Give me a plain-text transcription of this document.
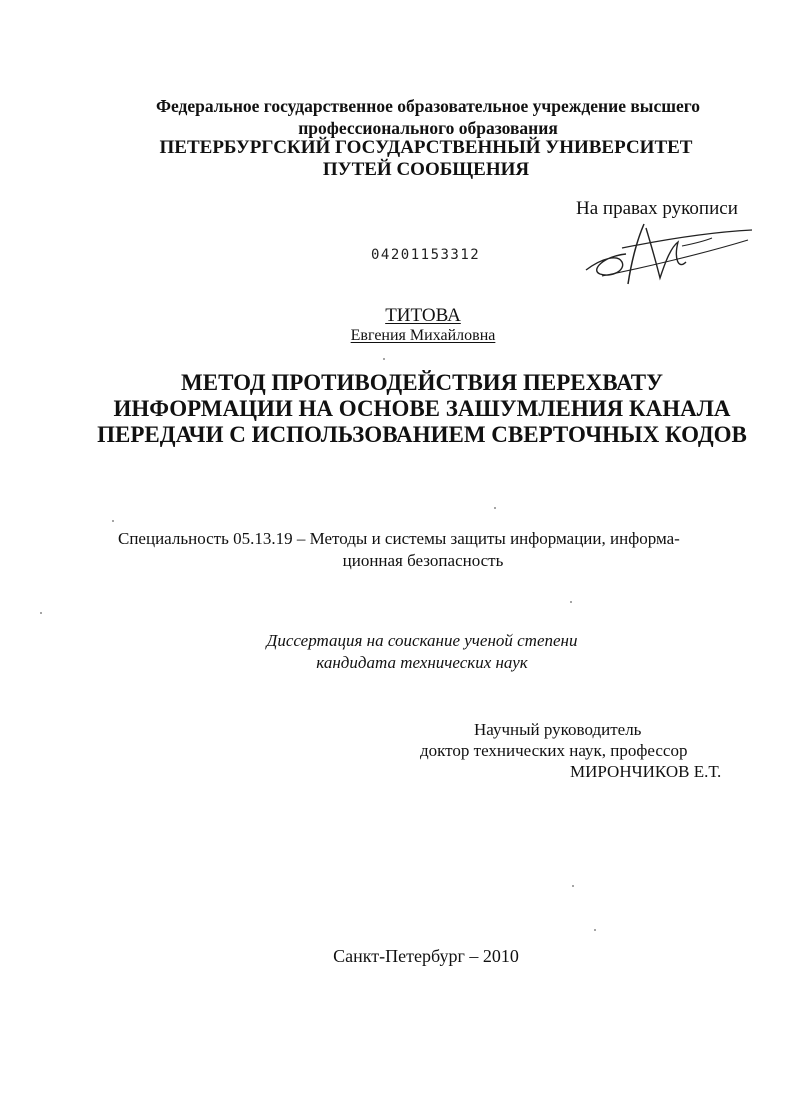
Федеральное государственное образовательное учреждение высшего
профессионального образования
ПЕТЕРБУРГСКИЙ ГОСУДАРСТВЕННЫЙ УНИВЕРСИТЕТ
ПУТЕЙ СООБЩЕНИЯ
На правах рукописи
04201153312
ТИТОВА
Евгения Михайловна
МЕТОД ПРОТИВОДЕЙСТВИЯ ПЕРЕХВАТУ
ИНФОРМАЦИИ НА ОСНОВЕ ЗАШУМЛЕНИЯ КАНАЛА
ПЕРЕДАЧИ С ИСПОЛЬЗОВАНИЕМ СВЕРТОЧНЫХ КОДОВ
Специальность 05.13.19 – Методы и системы защиты информации, информа-
ционная безопасность
Диссертация на соискание ученой степени
кандидата технических наук
Научный руководитель
доктор технических наук, профессор
МИРОНЧИКОВ Е.Т.
Санкт-Петербург – 2010
